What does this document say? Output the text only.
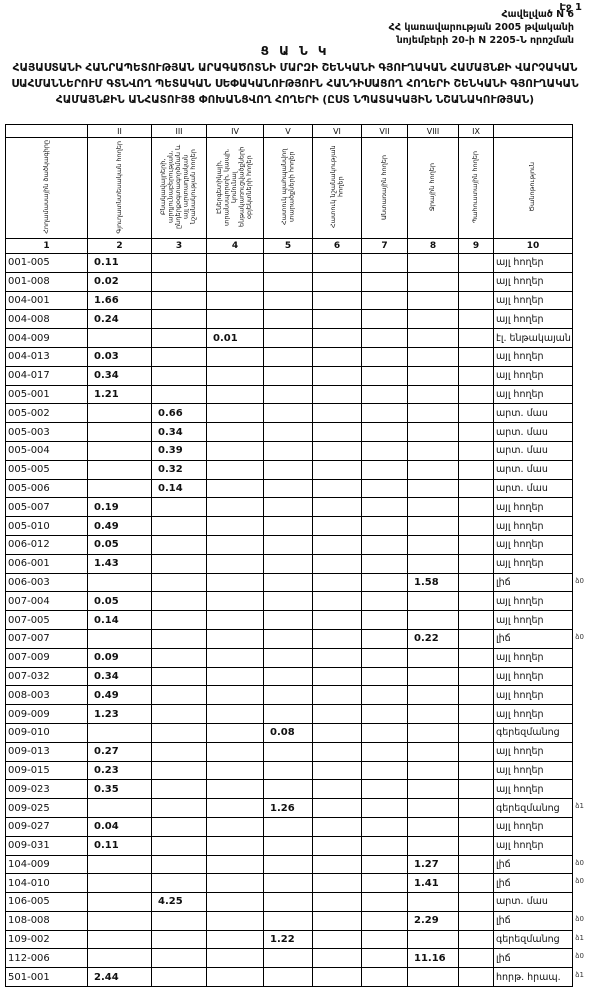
Էջ 1
Հավելված N 6
ՀՀ կառավարության 2005 թվականի
նոյեմբերի 20-ի N 2205-Ն որոշման
Ց Ա Ն Կ
ՀԱՅԱՍՏԱՆԻ ՀԱՆՐԱՊԵՏՈՒԹՅԱՆ ԱՐԱԳԱԾՈՏՆԻ ՄԱՐԶԻ ՇԵՆԿԱՆԻ ԳՅՈՒՂԱԿԱՆ ՀԱՄԱՅՆՔԻ ՎԱՐՉԱԿԱՆ ՍԱՀՄԱՆՆԵՐՈՒՄ ԳՏՆՎՈՂ ՊԵՏԱԿԱՆ ՍԵՓԱԿԱՆՈՒԹՅՈՒՆ ՀԱՆԴԻՍԱՑՈՂ ՀՈՂԵՐԻ ՇԵՆԿԱՆԻ ԳՅՈՒՂԱԿԱՆ ՀԱՄԱՅՆՔԻՆ ԱՆՀԱՏՈՒՅՑ ՓՈԽԱՆՑՎՈՂ ՀՈՂԵՐԻ (ԸՍՏ ՆՊԱՏԱԿԱՅԻՆ ՆՇԱՆԱԿՈՒԹՅԱՆ)
	II	III	IV	V	VI	VII	VIII	IX	
Հողամասային ծածկագիրը	Գյուղատնտեսական հողեր	Բնակավայրերի, արդյունաբերության, ընդերքօգտագործման և այլ արտադրական նշանակության հողեր	Էներգետիկայի, տրանսպորտի, կապի, կոմունալ ենթակառուցվածքների օբյեկտների հողեր	Հատուկ պահպանվող տարածքների հողեր	Հատուկ նշանակության հողեր	Անտառային հողեր	Ջրային հողեր	Պահուստային հողեր	Ծանոթություն
1	2	3	4	5	6	7	8	9	10
001-005	0.11								այլ հողեր
001-008	0.02								այլ հողեր
004-001	1.66								այլ հողեր
004-008	0.24								այլ հողեր
004-009			0.01						էլ. ենթակայան
004-013	0.03								այլ հողեր
004-017	0.34								այլ հողեր
005-001	1.21								այլ հողեր
005-002		0.66							արտ. մաս
005-003		0.34							արտ. մաս
005-004		0.39							արտ. մաս
005-005		0.32							արտ. մաս
005-006		0.14							արտ. մաս
005-007	0.19								այլ հողեր
005-010	0.49								այլ հողեր
006-012	0.05								այլ հողեր
006-001	1.43								այլ հողեր
006-003							1.58		լիճ
007-004	0.05								այլ հողեր
007-005	0.14								այլ հողեր
007-007							0.22		լիճ
007-009	0.09								այլ հողեր
007-032	0.34								այլ հողեր
008-003	0.49								այլ հողեր
009-009	1.23								այլ հողեր
009-010				0.08					գերեզմանոց
009-013	0.27								այլ հողեր
009-015	0.23								այլ հողեր
009-023	0.35								այլ հողեր
009-025				1.26					գերեզմանոց
009-027	0.04								այլ հողեր
009-031	0.11								այլ հողեր
104-009							1.27		լիճ
104-010							1.41		լիճ
106-005		4.25							արտ. մաս
108-008							2.29		լիճ
109-002				1.22					գերեզմանոց
112-006							11.16		լիճ
501-001	2.44								հորթ. հրապ.
ձ0
ձ0
ձ1
ձ0
ձ0
ձ0
ձ1
ձ0
ձ1
